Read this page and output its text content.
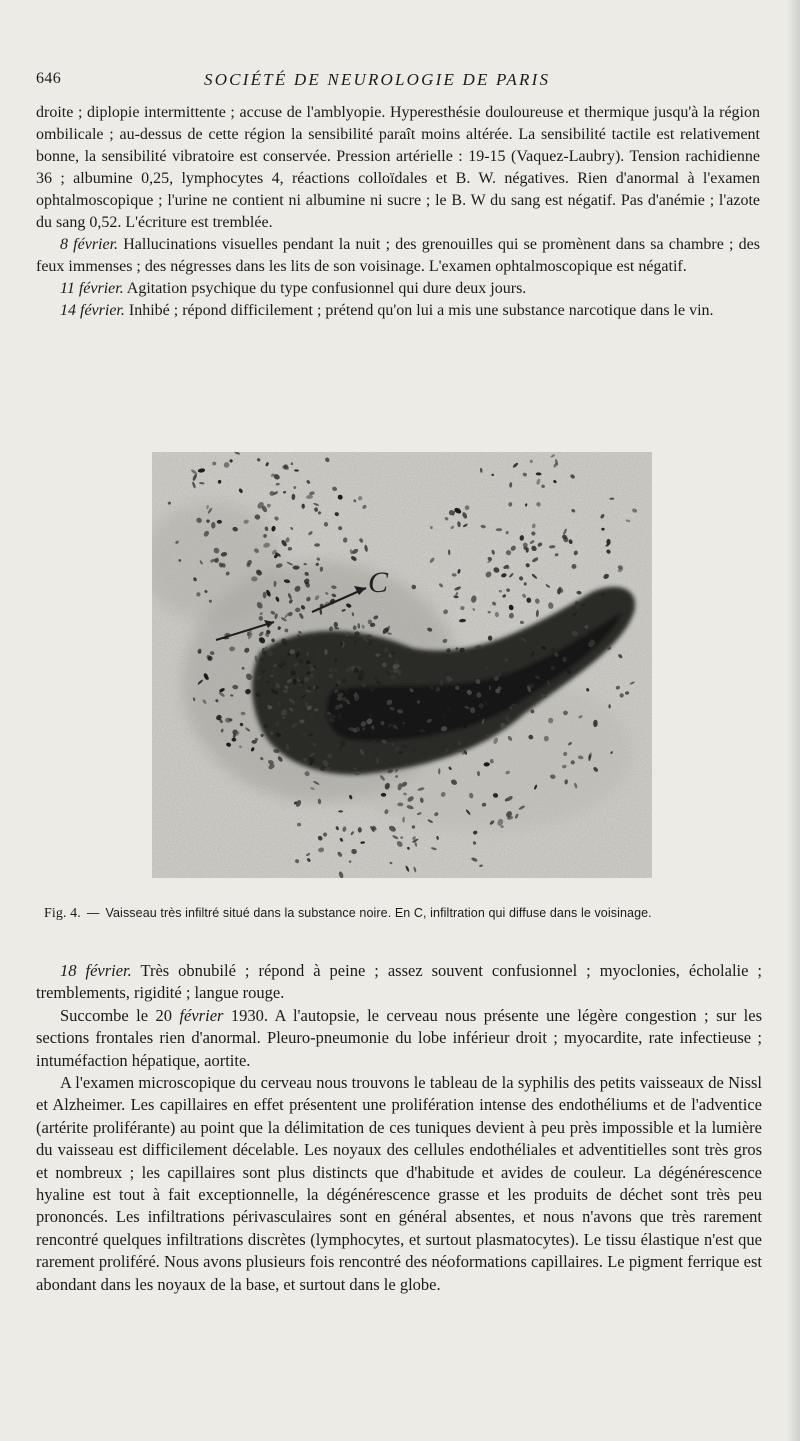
646	SOCIÉTÉ DE NEUROLOGIE DE PARIS

droite ; diplopie intermittente ; accuse de l'amblyopie. Hyperesthésie douloureuse et thermique jusqu'à la région ombilicale ; au-dessus de cette région la sensibilité paraît moins altérée. La sensibilité tactile est relativement bonne, la sensibilité vibratoire est conservée. Pression artérielle : 19-15 (Vaquez-Laubry). Tension rachidienne 36 ; albumine 0,25, lymphocytes 4, réactions colloïdales et B. W. négatives. Rien d'anormal à l'examen ophtalmoscopique ; l'urine ne contient ni albumine ni sucre ; le B. W du sang est négatif. Pas d'anémie ; l'azote du sang 0,52. L'écriture est tremblée.

8 février. Hallucinations visuelles pendant la nuit ; des grenouilles qui se promènent dans sa chambre ; des feux immenses ; des négresses dans les lits de son voisinage. L'examen ophtalmoscopique est négatif.

11 février. Agitation psychique du type confusionnel qui dure deux jours.

14 février. Inhibé ; répond difficilement ; prétend qu'on lui a mis une substance narcotique dans le vin.

C
Fig. 4. — Vaisseau très infiltré situé dans la substance noire. En C, infiltration qui diffuse dans le voisinage.

18 février. Très obnubilé ; répond à peine ; assez souvent confusionnel ; myoclonies, écholalie ; tremblements, rigidité ; langue rouge.

Succombe le 20 février 1930. A l'autopsie, le cerveau nous présente une légère congestion ; sur les sections frontales rien d'anormal. Pleuro-pneumonie du lobe inférieur droit ; myocardite, rate infectieuse ; intuméfaction hépatique, aortite.

A l'examen microscopique du cerveau nous trouvons le tableau de la syphilis des petits vaisseaux de Nissl et Alzheimer. Les capillaires en effet présentent une prolifération intense des endothéliums et de l'adventice (artérite proliférante) au point que la délimitation de ces tuniques devient à peu près impossible et la lumière du vaisseau est difficilement décelable. Les noyaux des cellules endothéliales et adventitielles sont très gros et nombreux ; les capillaires sont plus distincts que d'habitude et avides de couleur. La dégénérescence hyaline est tout à fait exceptionnelle, la dégénérescence grasse et les produits de déchet sont très peu prononcés. Les infiltrations périvasculaires sont en général absentes, et nous n'avons que très rarement rencontré quelques infiltrations discrètes (lymphocytes, et surtout plasmatocytes). Le tissu élastique n'est que rarement proliféré. Nous avons plusieurs fois rencontré des néoformations capillaires. Le pigment ferrique est abondant dans les noyaux de la base, et surtout dans le globe.
